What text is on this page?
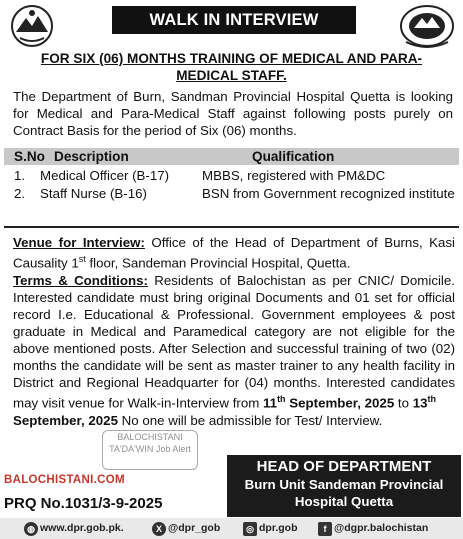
WALK IN INTERVIEW
FOR SIX (06) MONTHS TRAINING OF MEDICAL AND PARA-
MEDICAL STAFF.
The Department of Burn, Sandman Provincial Hospital Quetta is looking for Medical and Para-Medical Staff against following posts purely on Contract Basis for the period of Six (06) months.
S.No Description	Qualification
1. Medical Officer (B-17) MBBS, registered with PM&DC
2. Staff Nurse (B-16)	BSN from Government recognized institute
Venue for Interview: Office of the Head of Department of Burns, Kasi Causality 1st floor, Sandeman Provincial Hospital, Quetta.
Terms & Conditions: Residents of Balochistan as per CNIC/ Domicile. Interested candidate must bring original Documents and 01 set for official record I.e. Educational & Professional. Government employees & post graduate in Medical and Paramedical category are not eligible for the above mentioned posts. After Selection and successful training of two (02) months the candidate will be sent as master trainer to any health facility in District and Regional Headquarter for (04) months. Interested candidates may visit venue for Walk-in-Interview from 11th September, 2025 to 13th
September, 2025 No one will be admissible for Test/ Interview.
BALOCHISTANI TA'DA'WIN Job Alert
BALOCHISTANI.COM
PRQ No.1031/3-9-2025
HEAD OF DEPARTMENT
Burn Unit Sandeman Provincial
Hospital Quetta
◍ www.dpr.gob.pk.	X @dpr_gob	◎ dpr.gob	f @dgpr.balochistan
